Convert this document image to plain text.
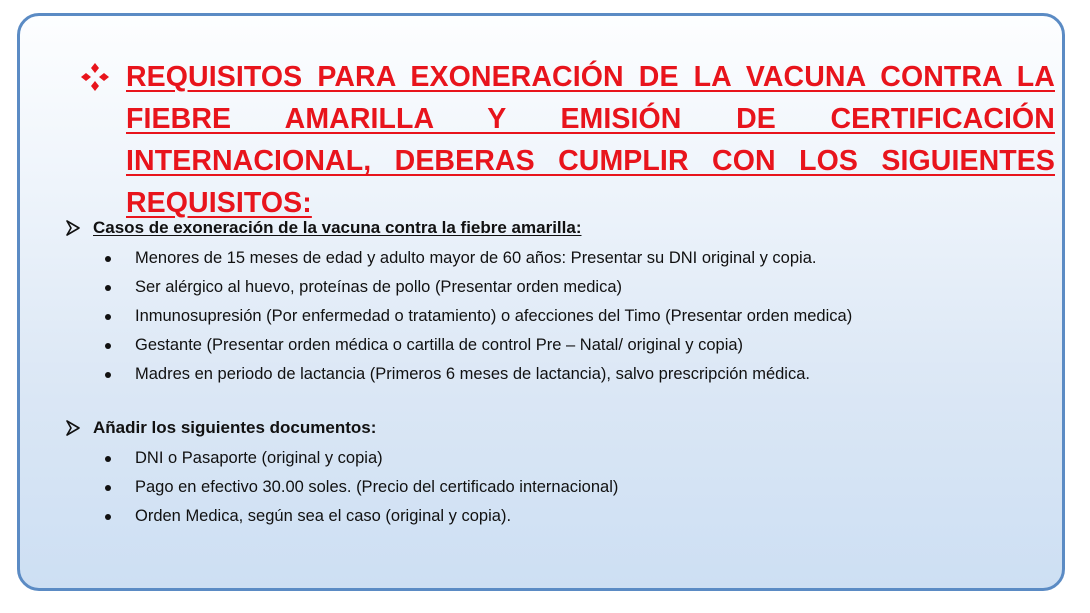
REQUISITOS PARA EXONERACIÓN DE LA VACUNA CONTRA LA FIEBRE AMARILLA Y EMISIÓN DE CERTIFICACIÓN INTERNACIONAL, DEBERAS CUMPLIR CON LOS SIGUIENTES REQUISITOS:

Casos de exoneración de la vacuna contra la fiebre amarilla:
Menores de 15 meses de edad y adulto mayor de 60 años: Presentar su DNI original y copia.
Ser alérgico al huevo, proteínas de pollo (Presentar orden medica)
Inmunosupresión (Por enfermedad o tratamiento) o afecciones del Timo (Presentar orden medica)
Gestante (Presentar orden médica o cartilla de control Pre – Natal/ original y copia)
Madres en periodo de lactancia (Primeros 6 meses de lactancia), salvo prescripción médica.
Añadir los siguientes documentos:
DNI o Pasaporte (original y copia)
Pago en efectivo 30.00 soles. (Precio del certificado internacional)
Orden Medica, según sea el caso (original y copia).
